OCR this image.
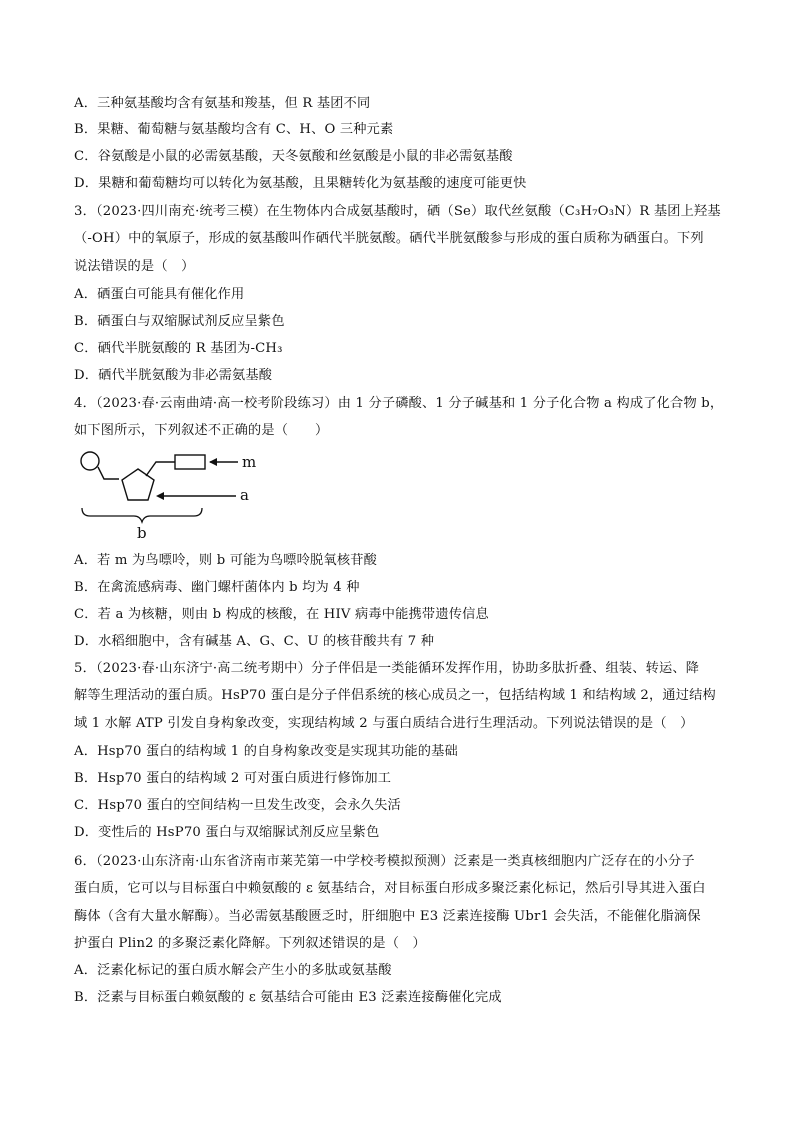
A．三种氨基酸均含有氨基和羧基，但 R 基团不同
B．果糖、葡萄糖与氨基酸均含有 C、H、O 三种元素
C．谷氨酸是小鼠的必需氨基酸，天冬氨酸和丝氨酸是小鼠的非必需氨基酸
D．果糖和葡萄糖均可以转化为氨基酸，且果糖转化为氨基酸的速度可能更快
3．（2023·四川南充·统考三模）在生物体内合成氨基酸时，硒（Se）取代丝氨酸（C₃H₇O₃N）R 基团上羟基
（-OH）中的氧原子，形成的氨基酸叫作硒代半胱氨酸。硒代半胱氨酸参与形成的蛋白质称为硒蛋白。下列
说法错误的是（　）
A．硒蛋白可能具有催化作用
B．硒蛋白与双缩脲试剂反应呈紫色
C．硒代半胱氨酸的 R 基团为-CH₃
D．硒代半胱氨酸为非必需氨基酸
4．（2023·春·云南曲靖·高一校考阶段练习）由 1 分子磷酸、1 分子碱基和 1 分子化合物 a 构成了化合物 b，
如下图所示，下列叙述不正确的是（　　）
m
a
b
A．若 m 为鸟嘌呤，则 b 可能为鸟嘌呤脱氧核苷酸
B．在禽流感病毒、幽门螺杆菌体内 b 均为 4 种
C．若 a 为核糖，则由 b 构成的核酸，在 HIV 病毒中能携带遗传信息
D．水稻细胞中，含有碱基 A、G、C、U 的核苷酸共有 7 种
5．（2023·春·山东济宁·高二统考期中）分子伴侣是一类能循环发挥作用，协助多肽折叠、组装、转运、降
解等生理活动的蛋白质。HsP70 蛋白是分子伴侣系统的核心成员之一，包括结构域 1 和结构域 2，通过结构
域 1 水解 ATP 引发自身构象改变，实现结构域 2 与蛋白质结合进行生理活动。下列说法错误的是（　）
A．Hsp70 蛋白的结构域 1 的自身构象改变是实现其功能的基础
B．Hsp70 蛋白的结构域 2 可对蛋白质进行修饰加工
C．Hsp70 蛋白的空间结构一旦发生改变，会永久失活
D．变性后的 HsP70 蛋白与双缩脲试剂反应呈紫色
6．（2023·山东济南·山东省济南市莱芜第一中学校考模拟预测）泛素是一类真核细胞内广泛存在的小分子
蛋白质，它可以与目标蛋白中赖氨酸的 ε 氨基结合，对目标蛋白形成多聚泛素化标记，然后引导其进入蛋白
酶体（含有大量水解酶）。当必需氨基酸匮乏时，肝细胞中 E3 泛素连接酶 Ubr1 会失活，不能催化脂滴保
护蛋白 Plin2 的多聚泛素化降解。下列叙述错误的是（　）
A．泛素化标记的蛋白质水解会产生小的多肽或氨基酸
B．泛素与目标蛋白赖氨酸的 ε 氨基结合可能由 E3 泛素连接酶催化完成
